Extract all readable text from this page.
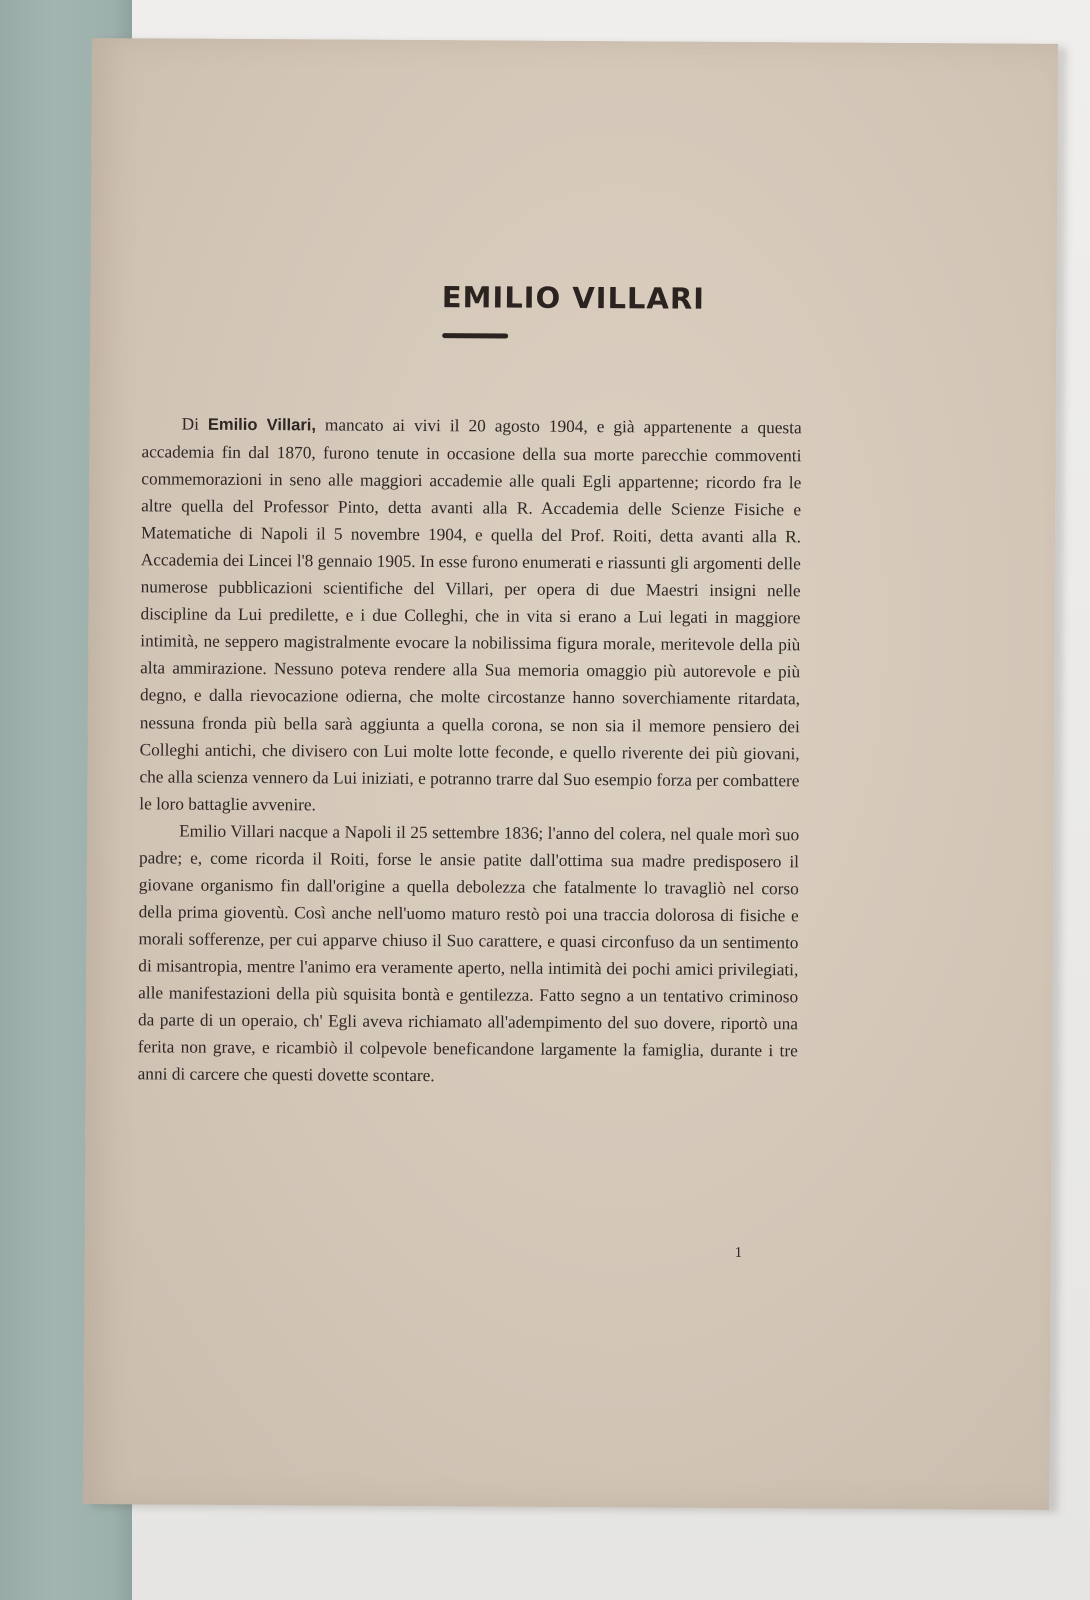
EMILIO VILLARI

Di Emilio Villari, mancato ai vivi il 20 agosto 1904, e già appartenente a questa accademia fin dal 1870, furono tenute in occasione della sua morte parecchie commoventi commemorazioni in seno alle maggiori accademie alle quali Egli appartenne; ricordo fra le altre quella del Professor Pinto, detta avanti alla R. Accademia delle Scienze Fisiche e Matematiche di Napoli il 5 novembre 1904, e quella del Prof. Roiti, detta avanti alla R. Accademia dei Lincei l'8 gennaio 1905. In esse furono enumerati e riassunti gli argomenti delle numerose pubblicazioni scientifiche del Villari, per opera di due Maestri insigni nelle discipline da Lui predilette, e i due Colleghi, che in vita si erano a Lui legati in maggiore intimità, ne seppero magistralmente evocare la nobilissima figura morale, meritevole della più alta ammirazione. Nessuno poteva rendere alla Sua memoria omaggio più autorevole e più degno, e dalla rievocazione odierna, che molte circostanze hanno soverchiamente ritardata, nessuna fronda più bella sarà aggiunta a quella corona, se non sia il memore pensiero dei Colleghi antichi, che divisero con Lui molte lotte feconde, e quello riverente dei più giovani, che alla scienza vennero da Lui iniziati, e potranno trarre dal Suo esempio forza per combattere le loro battaglie avvenire.

Emilio Villari nacque a Napoli il 25 settembre 1836; l'anno del colera, nel quale morì suo padre; e, come ricorda il Roiti, forse le ansie patite dall'ottima sua madre predisposero il giovane organismo fin dall'origine a quella debolezza che fatalmente lo travagliò nel corso della prima gioventù. Così anche nell'uomo maturo restò poi una traccia dolorosa di fisiche e morali sofferenze, per cui apparve chiuso il Suo carattere, e quasi circonfuso da un sentimento di misantropia, mentre l'animo era veramente aperto, nella intimità dei pochi amici privilegiati, alle manifestazioni della più squisita bontà e gentilezza. Fatto segno a un tentativo criminoso da parte di un operaio, ch' Egli aveva richiamato all'adempimento del suo dovere, riportò una ferita non grave, e ricambiò il colpevole beneficandone largamente la famiglia, durante i tre anni di carcere che questi dovette scontare.

1
